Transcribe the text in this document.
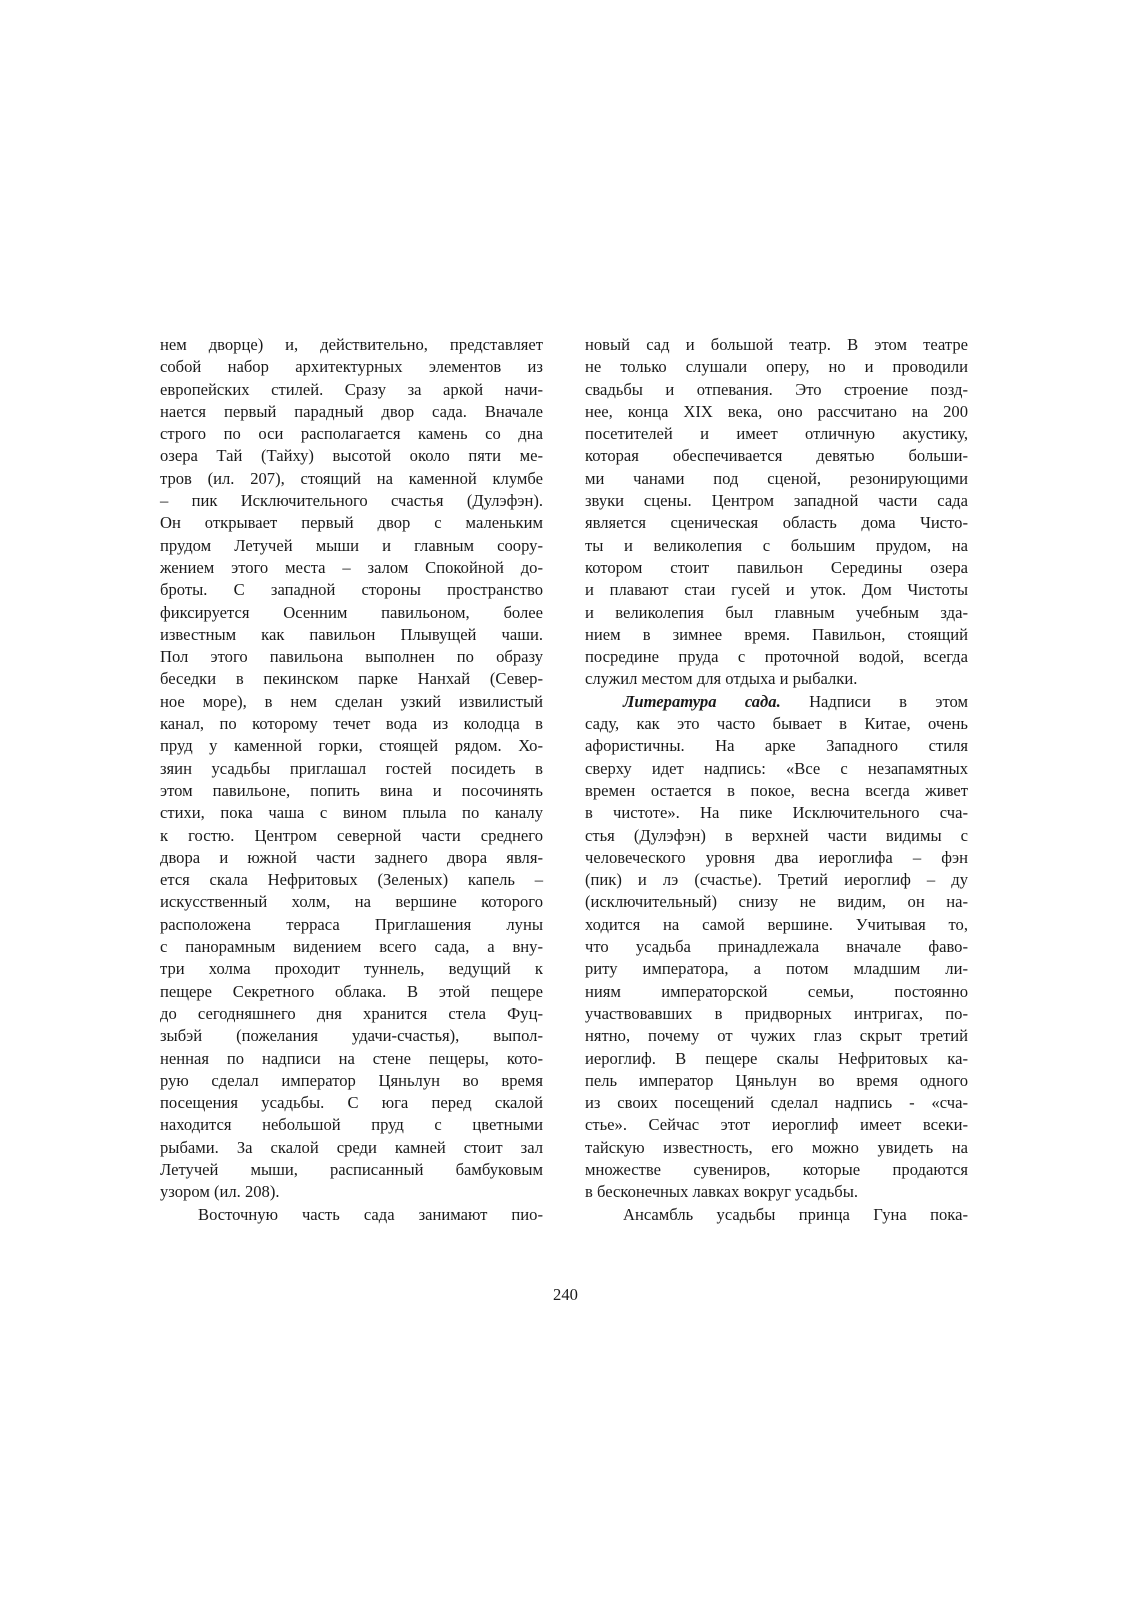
нем дворце) и, действительно, представляет
собой набор архитектурных элементов из
европейских стилей. Сразу за аркой начи-
нается первый парадный двор сада. Вначале
строго по оси располагается камень со дна
озера Тай (Тайху) высотой около пяти ме-
тров (ил. 207), стоящий на каменной клумбе
– пик Исключительного счастья (Дулэфэн).
Он открывает первый двор с маленьким
прудом Летучей мыши и главным соору-
жением этого места – залом Спокойной до-
броты. С западной стороны пространство
фиксируется Осенним павильоном, более
известным как павильон Плывущей чаши.
Пол этого павильона выполнен по образу
беседки в пекинском парке Нанхай (Север-
ное море), в нем сделан узкий извилистый
канал, по которому течет вода из колодца в
пруд у каменной горки, стоящей рядом. Хо-
зяин усадьбы приглашал гостей посидеть в
этом павильоне, попить вина и посочинять
стихи, пока чаша с вином плыла по каналу
к гостю. Центром северной части среднего
двора и южной части заднего двора явля-
ется скала Нефритовых (Зеленых) капель –
искусственный холм, на вершине которого
расположена терраса Приглашения луны
с панорамным видением всего сада, а вну-
три холма проходит туннель, ведущий к
пещере Секретного облака. В этой пещере
до сегодняшнего дня хранится стела Фуц-
зыбэй (пожелания удачи-счастья), выпол-
ненная по надписи на стене пещеры, кото-
рую сделал император Цяньлун во время
посещения усадьбы. С юга перед скалой
находится небольшой пруд с цветными
рыбами. За скалой среди камней стоит зал
Летучей мыши, расписанный бамбуковым
узором (ил. 208).
Восточную часть сада занимают пио-
новый сад и большой театр. В этом театре
не только слушали оперу, но и проводили
свадьбы и отпевания. Это строение позд-
нее, конца XIX века, оно рассчитано на 200
посетителей и имеет отличную акустику,
которая обеспечивается девятью больши-
ми чанами под сценой, резонирующими
звуки сцены. Центром западной части сада
является сценическая область дома Чисто-
ты и великолепия с большим прудом, на
котором стоит павильон Середины озера
и плавают стаи гусей и уток. Дом Чистоты
и великолепия был главным учебным зда-
нием в зимнее время. Павильон, стоящий
посредине пруда с проточной водой, всегда
служил местом для отдыха и рыбалки.
Литература сада. Надписи в этом
саду, как это часто бывает в Китае, очень
афористичны. На арке Западного стиля
сверху идет надпись: «Все с незапамятных
времен остается в покое, весна всегда живет
в чистоте». На пике Исключительного сча-
стья (Дулэфэн) в верхней части видимы с
человеческого уровня два иероглифа – фэн
(пик) и лэ (счастье). Третий иероглиф – ду
(исключительный) снизу не видим, он на-
ходится на самой вершине. Учитывая то,
что усадьба принадлежала вначале фаво-
риту императора, а потом младшим ли-
ниям императорской семьи, постоянно
участвовавших в придворных интригах, по-
нятно, почему от чужих глаз скрыт третий
иероглиф. В пещере скалы Нефритовых ка-
пель император Цяньлун во время одного
из своих посещений сделал надпись - «сча-
стье». Сейчас этот иероглиф имеет всеки-
тайскую известность, его можно увидеть на
множестве сувениров, которые продаются
в бесконечных лавках вокруг усадьбы.
Ансамбль усадьбы принца Гуна пока-
240
